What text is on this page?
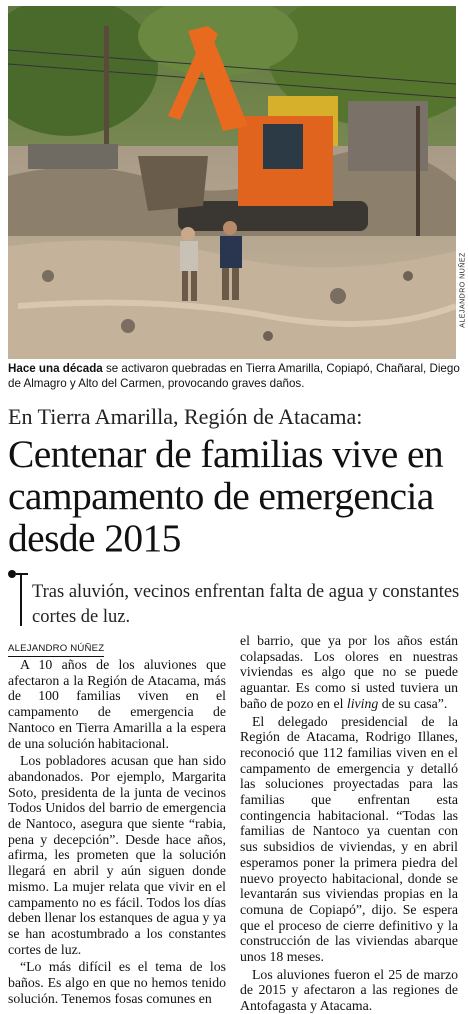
ALEJANDRO NUÑEZ
Hace una década se activaron quebradas en Tierra Amarilla, Copiapó, Chañaral, Diego de Almagro y Alto del Carmen, provocando graves daños.
En Tierra Amarilla, Región de Atacama:
Centenar de familias vive en campamento de emergencia desde 2015
Tras aluvión, vecinos enfrentan falta de agua y constantes cortes de luz.
ALEJANDRO NÚÑEZ

A 10 años de los aluviones que afectaron a la Región de Atacama, más de 100 familias viven en el campamento de emergencia de Nantoco en Tierra Amarilla a la espera de una solución habitacional.

Los pobladores acusan que han sido abandonados. Por ejemplo, Margarita Soto, presidenta de la junta de vecinos Todos Unidos del barrio de emergencia de Nantoco, asegura que siente “rabia, pena y decepción”. Desde hace años, afirma, les prometen que la solución llegará en abril y aún siguen donde mismo. La mujer relata que vivir en el campamento no es fácil. Todos los días deben llenar los estanques de agua y ya se han acostumbrado a los constantes cortes de luz.

“Lo más difícil es el tema de los baños. Es algo en que no hemos tenido solución. Tenemos fosas comunes en

el barrio, que ya por los años están colapsadas. Los olores en nuestras viviendas es algo que no se puede aguantar. Es como si usted tuviera un baño de pozo en el living de su casa”.

El delegado presidencial de la Región de Atacama, Rodrigo Illanes, reconoció que 112 familias viven en el campamento de emergencia y detalló las soluciones proyectadas para las familias que enfrentan esta contingencia habitacional. “Todas las familias de Nantoco ya cuentan con sus subsidios de viviendas, y en abril esperamos poner la primera piedra del nuevo proyecto habitacional, donde se levantarán sus viviendas propias en la comuna de Copiapó”, dijo. Se espera que el proceso de cierre definitivo y la construcción de las viviendas abarque unos 18 meses.

Los aluviones fueron el 25 de marzo de 2015 y afectaron a las regiones de Antofagasta y Atacama.
